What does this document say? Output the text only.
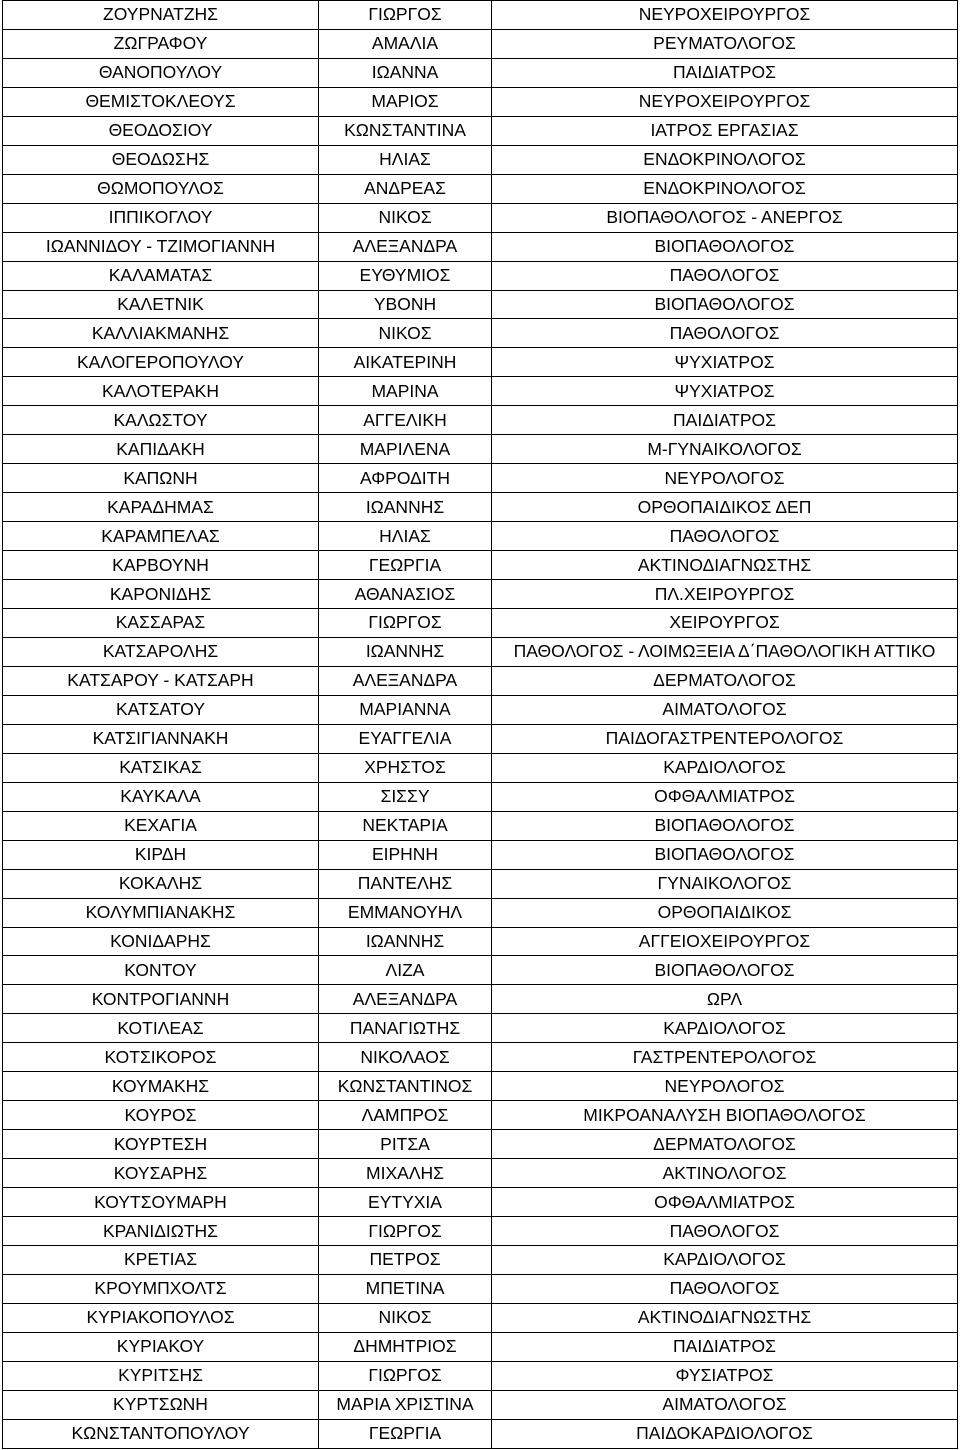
ΖΟΥΡΝΑΤΖΗΣ	ΓΙΩΡΓΟΣ	ΝΕΥΡΟΧΕΙΡΟΥΡΓΟΣ
ΖΩΓΡΑΦΟΥ	ΑΜΑΛΙΑ	ΡΕΥΜΑΤΟΛΟΓΟΣ
ΘΑΝΟΠΟΥΛΟΥ	ΙΩΑΝΝΑ	ΠΑΙΔΙΑΤΡΟΣ
ΘΕΜΙΣΤΟΚΛΕΟΥΣ	ΜΑΡΙΟΣ	ΝΕΥΡΟΧΕΙΡΟΥΡΓΟΣ
ΘΕΟΔΟΣΙΟΥ	ΚΩΝΣΤΑΝΤΙΝΑ	ΙΑΤΡΟΣ ΕΡΓΑΣΙΑΣ
ΘΕΟΔΩΣΗΣ	ΗΛΙΑΣ	ΕΝΔΟΚΡΙΝΟΛΟΓΟΣ
ΘΩΜΟΠΟΥΛΟΣ	ΑΝΔΡΕΑΣ	ΕΝΔΟΚΡΙΝΟΛΟΓΟΣ
ΙΠΠΙΚΟΓΛΟΥ	ΝΙΚΟΣ	ΒΙΟΠΑΘΟΛΟΓΟΣ - ΑΝΕΡΓΟΣ
ΙΩΑΝΝΙΔΟΥ - ΤΖΙΜΟΓΙΑΝΝΗ	ΑΛΕΞΑΝΔΡΑ	ΒΙΟΠΑΘΟΛΟΓΟΣ
ΚΑΛΑΜΑΤΑΣ	ΕΥΘΥΜΙΟΣ	ΠΑΘΟΛΟΓΟΣ
ΚΑΛΕΤΝΙΚ	ΥΒΟΝΗ	ΒΙΟΠΑΘΟΛΟΓΟΣ
ΚΑΛΛΙΑΚΜΑΝΗΣ	ΝΙΚΟΣ	ΠΑΘΟΛΟΓΟΣ
ΚΑΛΟΓΕΡΟΠΟΥΛΟΥ	ΑΙΚΑΤΕΡΙΝΗ	ΨΥΧΙΑΤΡΟΣ
ΚΑΛΟΤΕΡΑΚΗ	ΜΑΡΙΝΑ	ΨΥΧΙΑΤΡΟΣ
ΚΑΛΩΣΤΟΥ	ΑΓΓΕΛΙΚΗ	ΠΑΙΔΙΑΤΡΟΣ
ΚΑΠΙΔΑΚΗ	ΜΑΡΙΛΕΝΑ	Μ-ΓΥΝΑΙΚΟΛΟΓΟΣ
ΚΑΠΩΝΗ	ΑΦΡΟΔΙΤΗ	ΝΕΥΡΟΛΟΓΟΣ
ΚΑΡΑΔΗΜΑΣ	ΙΩΑΝΝΗΣ	ΟΡΘΟΠΑΙΔΙΚΟΣ ΔΕΠ
ΚΑΡΑΜΠΕΛΑΣ	ΗΛΙΑΣ	ΠΑΘΟΛΟΓΟΣ
ΚΑΡΒΟΥΝΗ	ΓΕΩΡΓΙΑ	ΑΚΤΙΝΟΔΙΑΓΝΩΣΤΗΣ
ΚΑΡΟΝΙΔΗΣ	ΑΘΑΝΑΣΙΟΣ	ΠΛ.ΧΕΙΡΟΥΡΓΟΣ
ΚΑΣΣΑΡΑΣ	ΓΙΩΡΓΟΣ	ΧΕΙΡΟΥΡΓΟΣ
ΚΑΤΣΑΡΟΛΗΣ	ΙΩΑΝΝΗΣ	ΠΑΘΟΛΟΓΟΣ - ΛΟΙΜΩΞΕΙΑ Δ΄ΠΑΘΟΛΟΓΙΚΗ ΑΤΤΙΚΟ
ΚΑΤΣΑΡΟΥ - ΚΑΤΣΑΡΗ	ΑΛΕΞΑΝΔΡΑ	ΔΕΡΜΑΤΟΛΟΓΟΣ
ΚΑΤΣΑΤΟΥ	ΜΑΡΙΑΝΝΑ	ΑΙΜΑΤΟΛΟΓΟΣ
ΚΑΤΣΙΓΙΑΝΝΑΚΗ	ΕΥΑΓΓΕΛΙΑ	ΠΑΙΔΟΓΑΣΤΡΕΝΤΕΡΟΛΟΓΟΣ
ΚΑΤΣΙΚΑΣ	ΧΡΗΣΤΟΣ	ΚΑΡΔΙΟΛΟΓΟΣ
ΚΑΥΚΑΛΑ	ΣΙΣΣΥ	ΟΦΘΑΛΜΙΑΤΡΟΣ
ΚΕΧΑΓΙΑ	ΝΕΚΤΑΡΙΑ	ΒΙΟΠΑΘΟΛΟΓΟΣ
ΚΙΡΔΗ	ΕΙΡΗΝΗ	ΒΙΟΠΑΘΟΛΟΓΟΣ
ΚΟΚΑΛΗΣ	ΠΑΝΤΕΛΗΣ	ΓΥΝΑΙΚΟΛΟΓΟΣ
ΚΟΛΥΜΠΙΑΝΑΚΗΣ	ΕΜΜΑΝΟΥΗΛ	ΟΡΘΟΠΑΙΔΙΚΟΣ
ΚΟΝΙΔΑΡΗΣ	ΙΩΑΝΝΗΣ	ΑΓΓΕΙΟΧΕΙΡΟΥΡΓΟΣ
ΚΟΝΤΟΥ	ΛΙΖΑ	ΒΙΟΠΑΘΟΛΟΓΟΣ
ΚΟΝΤΡΟΓΙΑΝΝΗ	ΑΛΕΞΑΝΔΡΑ	ΩΡΛ
ΚΟΤΙΛΕΑΣ	ΠΑΝΑΓΙΩΤΗΣ	ΚΑΡΔΙΟΛΟΓΟΣ
ΚΟΤΣΙΚΟΡΟΣ	ΝΙΚΟΛΑΟΣ	ΓΑΣΤΡΕΝΤΕΡΟΛΟΓΟΣ
ΚΟΥΜΑΚΗΣ	ΚΩΝΣΤΑΝΤΙΝΟΣ	ΝΕΥΡΟΛΟΓΟΣ
ΚΟΥΡΟΣ	ΛΑΜΠΡΟΣ	ΜΙΚΡΟΑΝΑΛΥΣΗ ΒΙΟΠΑΘΟΛΟΓΟΣ
ΚΟΥΡΤΕΣΗ	ΡΙΤΣΑ	ΔΕΡΜΑΤΟΛΟΓΟΣ
ΚΟΥΣΑΡΗΣ	ΜΙΧΑΛΗΣ	ΑΚΤΙΝΟΛΟΓΟΣ
ΚΟΥΤΣΟΥΜΑΡΗ	ΕΥΤΥΧΙΑ	ΟΦΘΑΛΜΙΑΤΡΟΣ
ΚΡΑΝΙΔΙΩΤΗΣ	ΓΙΩΡΓΟΣ	ΠΑΘΟΛΟΓΟΣ
ΚΡΕΤΙΑΣ	ΠΕΤΡΟΣ	ΚΑΡΔΙΟΛΟΓΟΣ
ΚΡΟΥΜΠΧΟΛΤΣ	ΜΠΕΤΙΝΑ	ΠΑΘΟΛΟΓΟΣ
ΚΥΡΙΑΚΟΠΟΥΛΟΣ	ΝΙΚΟΣ	ΑΚΤΙΝΟΔΙΑΓΝΩΣΤΗΣ
ΚΥΡΙΑΚΟΥ	ΔΗΜΗΤΡΙΟΣ	ΠΑΙΔΙΑΤΡΟΣ
ΚΥΡΙΤΣΗΣ	ΓΙΩΡΓΟΣ	ΦΥΣΙΑΤΡΟΣ
ΚΥΡΤΣΩΝΗ	ΜΑΡΙΑ ΧΡΙΣΤΙΝΑ	ΑΙΜΑΤΟΛΟΓΟΣ
ΚΩΝΣΤΑΝΤΟΠΟΥΛΟΥ	ΓΕΩΡΓΙΑ	ΠΑΙΔΟΚΑΡΔΙΟΛΟΓΟΣ
